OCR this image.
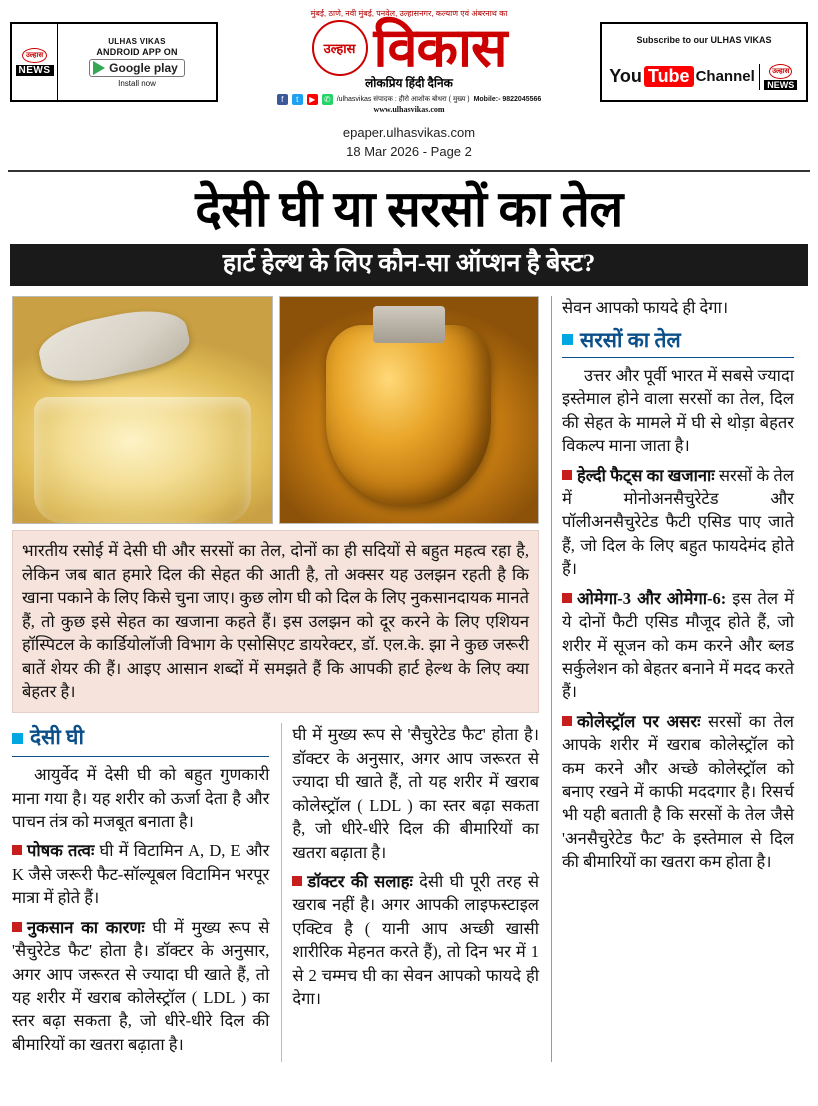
उल्हास
NEWS
ULHAS VIKAS
ANDROID APP ON
Google play
Install now
मुंबई, ठाणे, नवी मुंबई, पनवेल, उल्हासनगर, कल्याण एवं अंबरनाथ का
उल्हास विकास
लोकप्रिय हिंदी दैनिक
f	t	▶	✆ /ulhasvikas संपादक : हीरो आशोक बोधरा ( मुख्य ) Mobile:- 9822045566
www.ulhasvikas.com
Subscribe to our ULHAS VIKAS
You Tube Channel	उल्हास
NEWS
epaper.ulhasvikas.com
18 Mar 2026 - Page 2
देसी घी या सरसों का तेल
हार्ट हेल्थ के लिए कौन-सा ऑप्शन है बेस्ट?
भारतीय रसोई में देसी घी और सरसों का तेल, दोनों का ही सदियों से बहुत महत्व रहा है, लेकिन जब बात हमारे दिल की सेहत की आती है, तो अक्सर यह उलझन रहती है कि खाना पकाने के लिए किसे चुना जाए। कुछ लोग घी को दिल के लिए नुकसानदायक मानते हैं, तो कुछ इसे सेहत का खजाना कहते हैं। इस उलझन को दूर करने के लिए एशियन हॉस्पिटल के कार्डियोलॉजी विभाग के एसोसिएट डायरेक्टर, डॉ. एल.के. झा ने कुछ जरूरी बातें शेयर की हैं। आइए आसान शब्दों में समझते हैं कि आपकी हार्ट हेल्थ के लिए क्या बेहतर है।
देसी घी

आयुर्वेद में देसी घी को बहुत गुणकारी माना गया है। यह शरीर को ऊर्जा देता है और पाचन तंत्र को मजबूत बनाता है।

पोषक तत्वः घी में विटामिन A, D, E और K जैसे जरूरी फैट-सॉल्यूबल विटामिन भरपूर मात्रा में होते हैं।

नुकसान का कारणः घी में मुख्य रूप से 'सैचुरेटेड फैट' होता है। डॉक्टर के अनुसार, अगर आप जरूरत से ज्यादा घी खाते हैं, तो यह शरीर में खराब कोलेस्ट्रॉल ( LDL ) का स्तर बढ़ा सकता है, जो धीरे-धीरे दिल की बीमारियों का खतरा बढ़ाता है।

घी में मुख्य रूप से 'सैचुरेटेड फैट' होता है। डॉक्टर के अनुसार, अगर आप जरूरत से ज्यादा घी खाते हैं, तो यह शरीर में खराब कोलेस्ट्रॉल ( LDL ) का स्तर बढ़ा सकता है, जो धीरे-धीरे दिल की बीमारियों का खतरा बढ़ाता है।

डॉक्टर की सलाहः देसी घी पूरी तरह से खराब नहीं है। अगर आपकी लाइफस्टाइल एक्टिव है ( यानी आप अच्छी खासी शारीरिक मेहनत करते हैं), तो दिन भर में 1 से 2 चम्मच घी का सेवन आपको फायदे ही देगा।

सेवन आपको फायदे ही देगा।

सरसों का तेल

उत्तर और पूर्वी भारत में सबसे ज्यादा इस्तेमाल होने वाला सरसों का तेल, दिल की सेहत के मामले में घी से थोड़ा बेहतर विकल्प माना जाता है।

हेल्दी फैट्स का खजानाः सरसों के तेल में मोनोअनसैचुरेटेड और पॉलीअनसैचुरेटेड फैटी एसिड पाए जाते हैं, जो दिल के लिए बहुत फायदेमंद होते हैं।

ओमेगा-3 और ओमेगा-6: इस तेल में ये दोनों फैटी एसिड मौजूद होते हैं, जो शरीर में सूजन को कम करने और ब्लड सर्कुलेशन को बेहतर बनाने में मदद करते हैं।

कोलेस्ट्रॉल पर असरः सरसों का तेल आपके शरीर में खराब कोलेस्ट्रॉल को कम करने और अच्छे कोलेस्ट्रॉल को बनाए रखने में काफी मददगार है। रिसर्च भी यही बताती है कि सरसों के तेल जैसे 'अनसैचुरेटेड फैट' के इस्तेमाल से दिल की बीमारियों का खतरा कम होता है।
